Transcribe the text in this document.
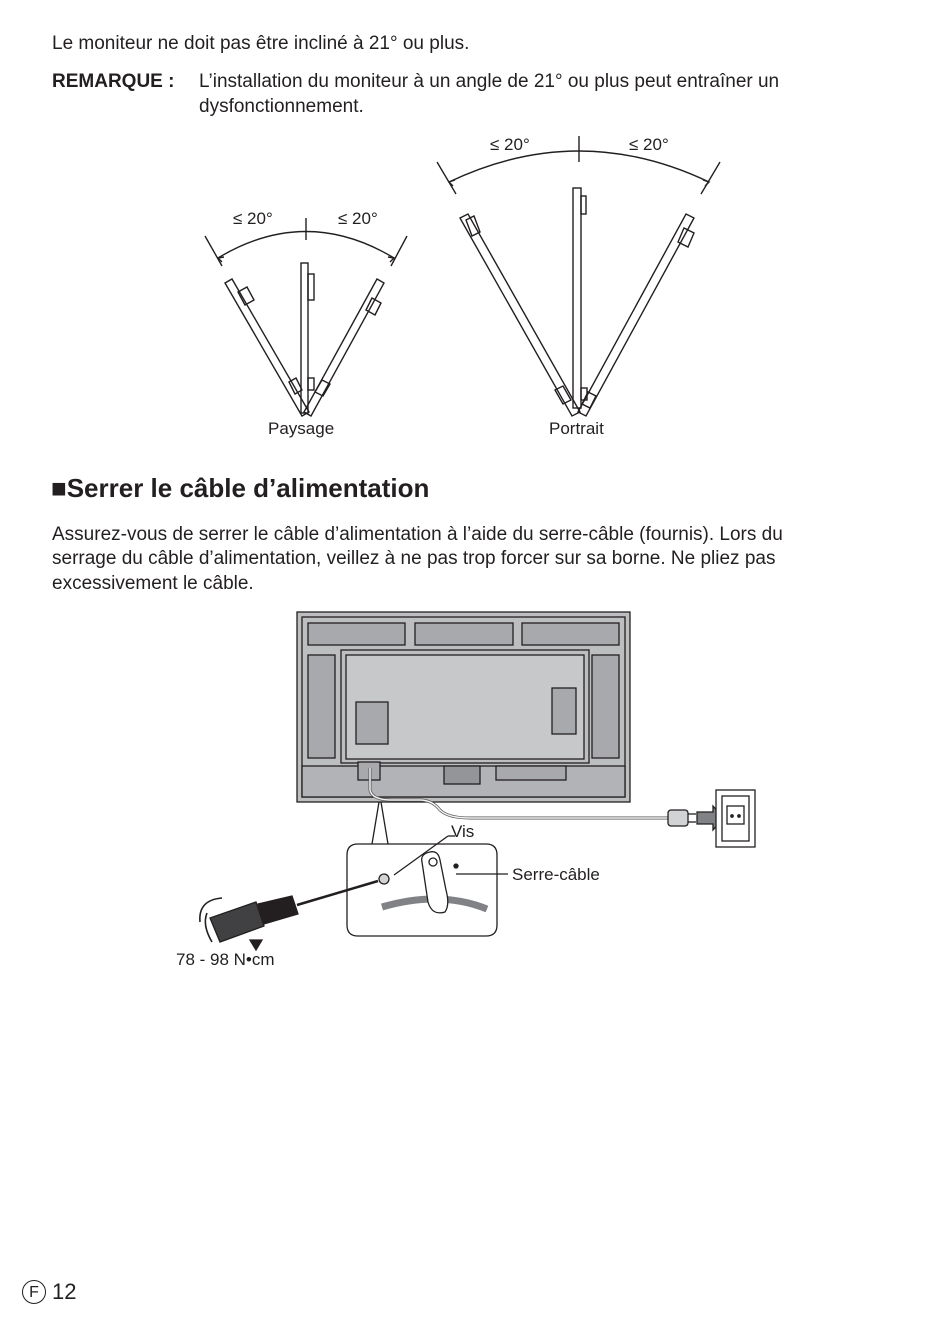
Le moniteur ne doit pas être incliné à 21° ou plus.
REMARQUE : L’installation du moniteur à un angle de 21° ou plus peut entraîner un
dysfonctionnement.
≤ 20°	≤ 20°
≤ 20°	≤ 20°
Paysage	Portrait
■Serrer le câble d’alimentation
Assurez-vous de serrer le câble d’alimentation à l’aide du serre-câble (fournis). Lors du
serrage du câble d’alimentation, veillez à ne pas trop forcer sur sa borne. Ne pliez pas
excessivement le câble.
Vis
Serre-câble
78 - 98 N•cm
F 12
